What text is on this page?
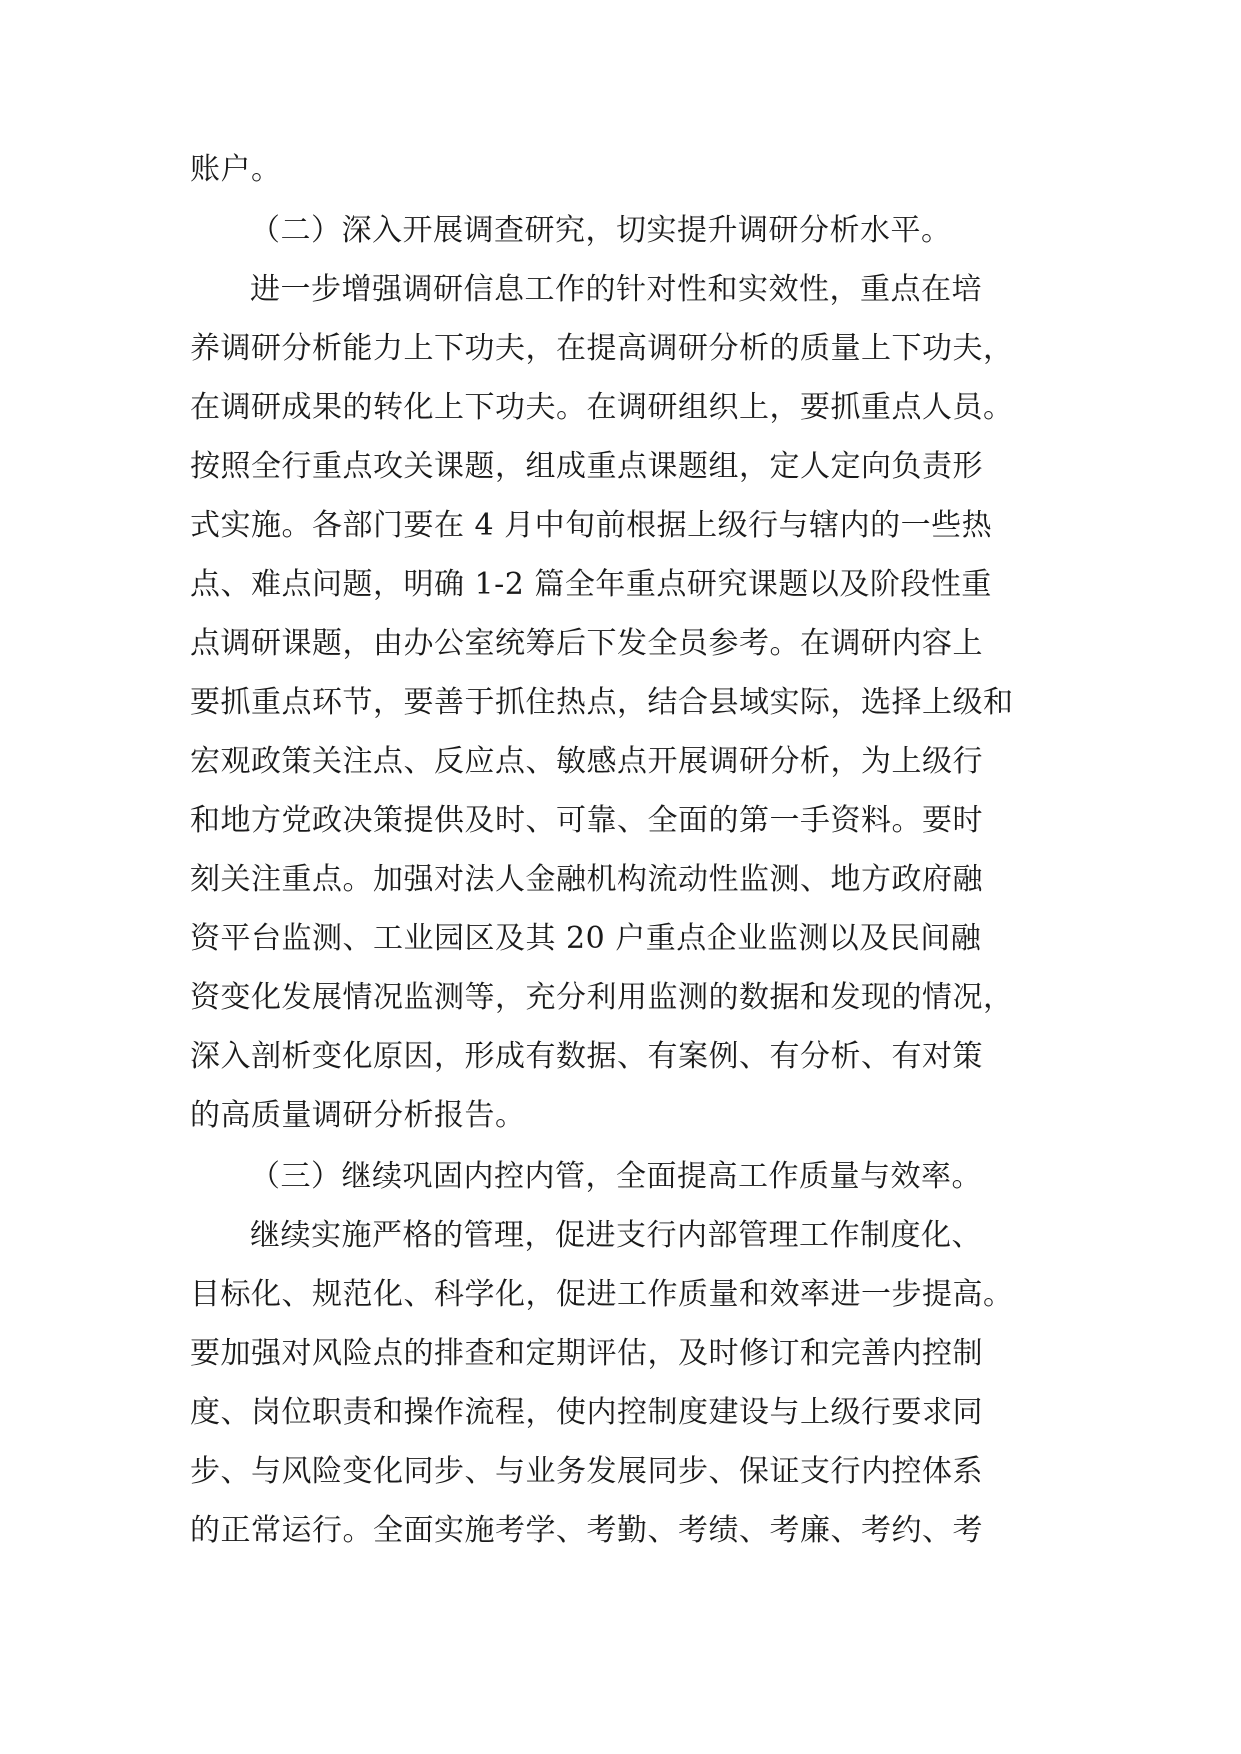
账户。
（二）深入开展调查研究，切实提升调研分析水平。
进一步增强调研信息工作的针对性和实效性，重点在培
养调研分析能力上下功夫，在提高调研分析的质量上下功夫，
在调研成果的转化上下功夫。在调研组织上，要抓重点人员。
按照全行重点攻关课题，组成重点课题组，定人定向负责形
式实施。各部门要在 4 月中旬前根据上级行与辖内的一些热
点、难点问题，明确 1-2 篇全年重点研究课题以及阶段性重
点调研课题，由办公室统筹后下发全员参考。在调研内容上
要抓重点环节，要善于抓住热点，结合县域实际，选择上级和
宏观政策关注点、反应点、敏感点开展调研分析，为上级行
和地方党政决策提供及时、可靠、全面的第一手资料。要时
刻关注重点。加强对法人金融机构流动性监测、地方政府融
资平台监测、工业园区及其 20 户重点企业监测以及民间融
资变化发展情况监测等，充分利用监测的数据和发现的情况，
深入剖析变化原因，形成有数据、有案例、有分析、有对策
的高质量调研分析报告。
（三）继续巩固内控内管，全面提高工作质量与效率。
继续实施严格的管理，促进支行内部管理工作制度化、
目标化、规范化、科学化，促进工作质量和效率进一步提高。
要加强对风险点的排查和定期评估，及时修订和完善内控制
度、岗位职责和操作流程，使内控制度建设与上级行要求同
步、与风险变化同步、与业务发展同步、保证支行内控体系
的正常运行。全面实施考学、考勤、考绩、考廉、考约、考
